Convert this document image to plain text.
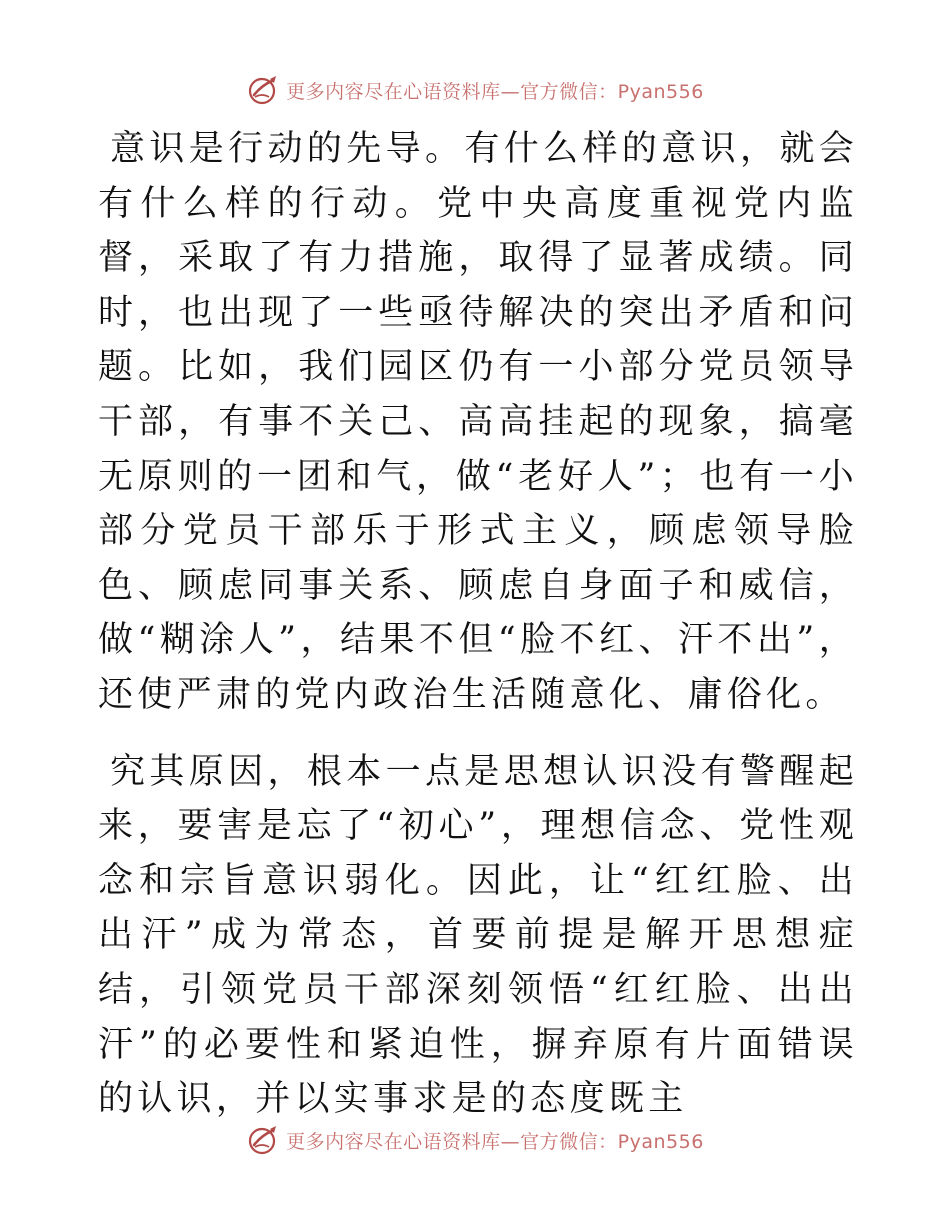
更多内容尽在心语资料库—官方微信：Pyan556

意识是行动的先导。有什么样的意识，就会有什么样的行动。党中央高度重视党内监督，采取了有力措施，取得了显著成绩。同时，也出现了一些亟待解决的突出矛盾和问题。比如，我们园区仍有一小部分党员领导干部，有事不关己、高高挂起的现象，搞毫无原则的一团和气，做“老好人”；也有一小部分党员干部乐于形式主义，顾虑领导脸色、顾虑同事关系、顾虑自身面子和威信，做“糊涂人”，结果不但“脸不红、汗不出”，还使严肃的党内政治生活随意化、庸俗化。

究其原因，根本一点是思想认识没有警醒起来，要害是忘了“初心”，理想信念、党性观念和宗旨意识弱化。因此，让“红红脸、出出汗”成为常态，首要前提是解开思想症结，引领党员干部深刻领悟“红红脸、出出汗”的必要性和紧迫性，摒弃原有片面错误的认识，并以实事求是的态度既主

更多内容尽在心语资料库—官方微信：Pyan556
